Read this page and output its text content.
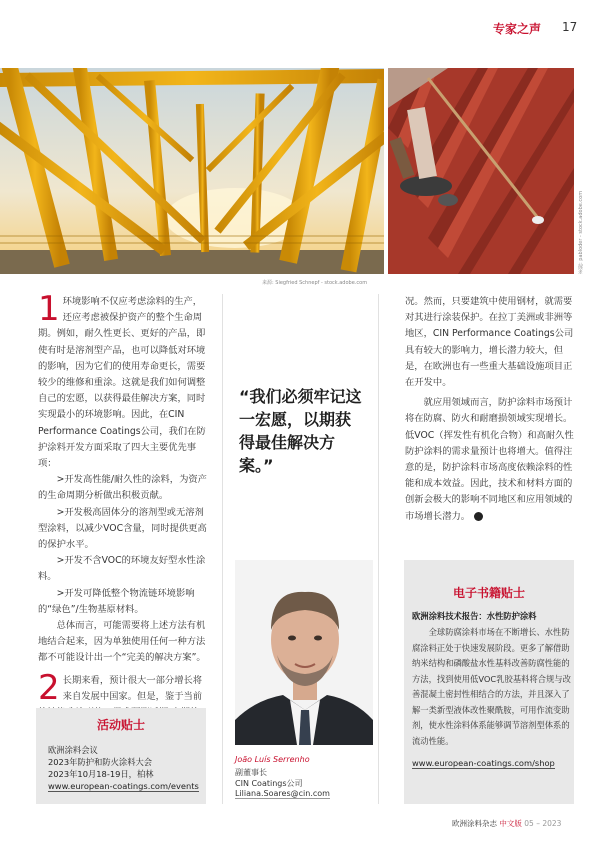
专家之声 17
来源: pabloder - stock.adobe.com
来源: Siegfried Schnepf - stock.adobe.com

1 环境影响不仅应考虑涂料的生产，还应考虑被保护资产的整个生命周期。例如，耐久性更长、更好的产品，即使有时是溶剂型产品，也可以降低对环境的影响，因为它们的使用寿命更长，需要较少的维修和重涂。这就是我们如何调整自己的宏愿，以获得最佳解决方案，同时实现最小的环境影响。因此，在CIN Performance Coatings公司，我们在防护涂料开发方面采取了四大主要优先事项：

>开发高性能/耐久性的涂料，为资产的生命周期分析做出积极贡献。

>开发极高固体分的溶剂型或无溶剂型涂料，以减少VOC含量，同时提供更高的保护水平。

>开发不含VOC的环境友好型水性涂料。

>开发可降低整个物流链环境影响的“绿色”/生物基原材料。

总体而言，可能需要将上述方法有机地结合起来，因为单独使用任何一种方法都不可能设计出一个“完美的解决方案”。

2 长期来看，预计很大一部分增长将来自发展中国家。但是，鉴于当前

“我们必须牢记这一宏愿，以期获得最佳解决方案。”
João Luís Serrenho
副董事长
CIN Coatings公司
Liliana.Soares@cin.com

况。然而，只要建筑中使用钢材，就需要对其进行涂装保护。在拉丁美洲或非洲等地区，CIN Performance Coatings公司具有较大的影响力，增长潜力较大，但是，在欧洲也有一些重大基础设施项目正在开发中。

就应用领域而言，防护涂料市场预计将在防腐、防火和耐磨损领域实现增长。低VOC（挥发性有机化合物）和高耐久性防护涂料的需求量预计也将增大。值得注意的是，防护涂料市场高度依赖涂料的性能和成本效益。因此，技术和材料方面的创新会极大的影响不同地区和应用领域的市场增长潜力。	◀

活动贴士
欧洲涂料会议
2023年防护和防火涂料大会
2023年10月18-19日，柏林
www.european-coatings.com/events
电子书籍贴士
欧洲涂料技术报告：水性防护涂料
全球防腐涂料市场在不断增长、水性防腐涂料正处于快速发展阶段。更多了解借助纳米结构和磷酸盐水性基料改善防腐性能的方法，找到使用低VOC乳胶基料将合规与改善混凝土密封性相结合的方法，并且深入了解一类新型液体改性聚酰胺，可用作流变助剂，使水性涂料体系能够调节溶剂型体系的流动性能。
www.european-coatings.com/shop
欧洲涂料杂志 中文版 05 – 2023
